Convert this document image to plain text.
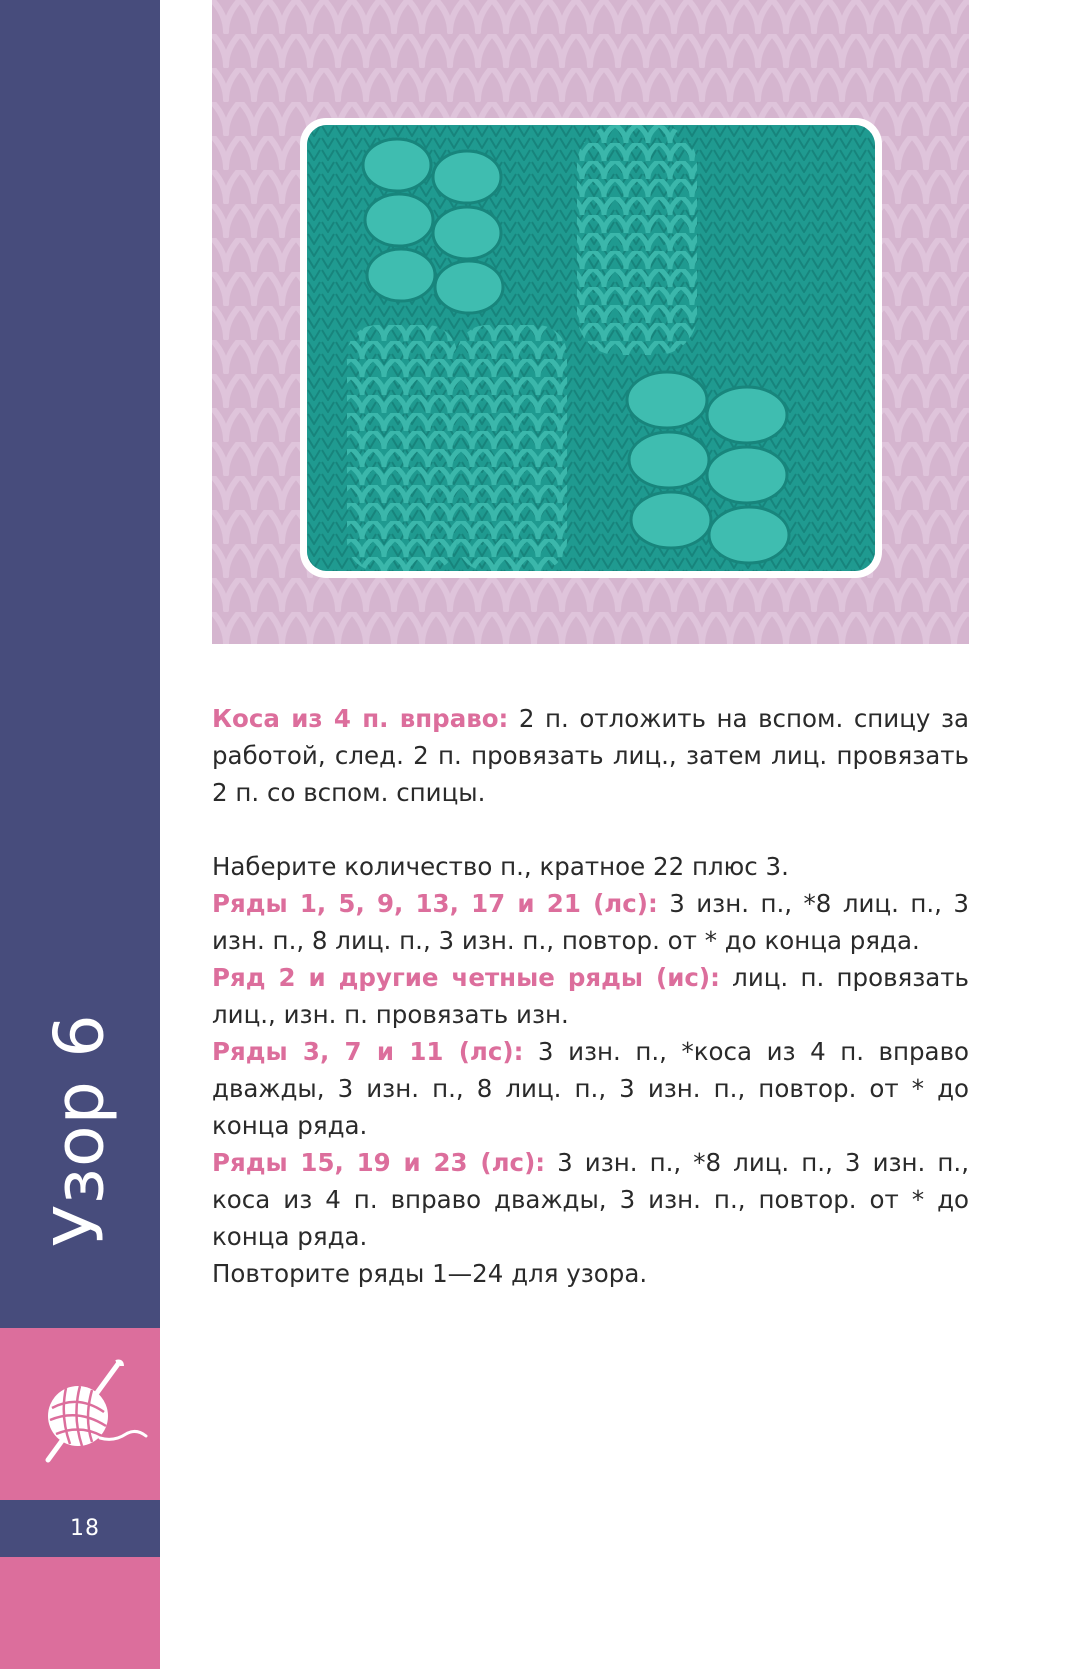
Узор 6
18

Коса из 4 п. вправо: 2 п. отложить на вспом. спицу за работой, след. 2 п. провязать лиц., затем лиц. провязать 2 п. со вспом. спицы.

Наберите количество п., кратное 22 плюс 3.

Ряды 1, 5, 9, 13, 17 и 21 (лс): 3 изн. п., *8 лиц. п., 3 изн. п., 8 лиц. п., 3 изн. п., повтор. от * до конца ряда.

Ряд 2 и другие четные ряды (ис): лиц. п. провязать лиц., изн. п. провязать изн.

Ряды 3, 7 и 11 (лс): 3 изн. п., *коса из 4 п. вправо дважды, 3 изн. п., 8 лиц. п., 3 изн. п., повтор. от * до конца ряда.

Ряды 15, 19 и 23 (лс): 3 изн. п., *8 лиц. п., 3 изн. п., коса из 4 п. вправо дважды, 3 изн. п., повтор. от * до конца ряда.

Повторите ряды 1—24 для узора.
